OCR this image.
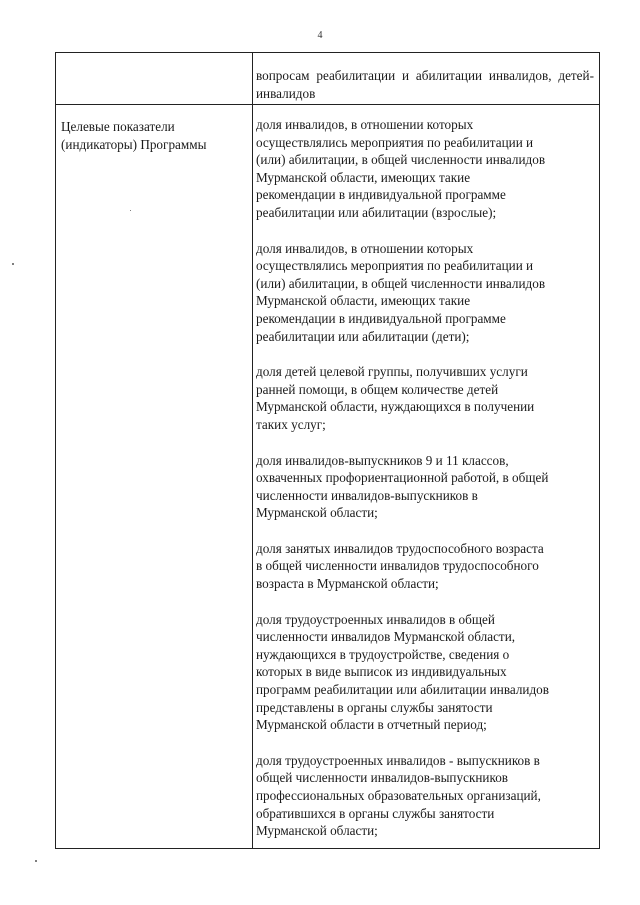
4
вопросам реабилитации и абилитации инвалидов, детей-инвалидов
Целевые показатели (индикаторы) Программы
доля инвалидов, в отношении которых
осуществлялись мероприятия по реабилитации и
(или) абилитации, в общей численности инвалидов
Мурманской области, имеющих такие
рекомендации в индивидуальной программе
реабилитации или абилитации (взрослые);
доля инвалидов, в отношении которых
осуществлялись мероприятия по реабилитации и
(или) абилитации, в общей численности инвалидов
Мурманской области, имеющих такие
рекомендации в индивидуальной программе
реабилитации или абилитации (дети);
доля детей целевой группы, получивших услуги
ранней помощи, в общем количестве детей
Мурманской области, нуждающихся в получении
таких услуг;
доля инвалидов-выпускников 9 и 11 классов,
охваченных профориентационной работой, в общей
численности инвалидов-выпускников в
Мурманской области;
доля занятых инвалидов трудоспособного возраста
в общей численности инвалидов трудоспособного
возраста в Мурманской области;
доля трудоустроенных инвалидов в общей
численности инвалидов Мурманской области,
нуждающихся в трудоустройстве, сведения о
которых в виде выписок из индивидуальных
программ реабилитации или абилитации инвалидов
представлены в органы службы занятости
Мурманской области в отчетный период;
доля трудоустроенных инвалидов - выпускников в
общей численности инвалидов-выпускников
профессиональных образовательных организаций,
обратившихся в органы службы занятости
Мурманской области;
